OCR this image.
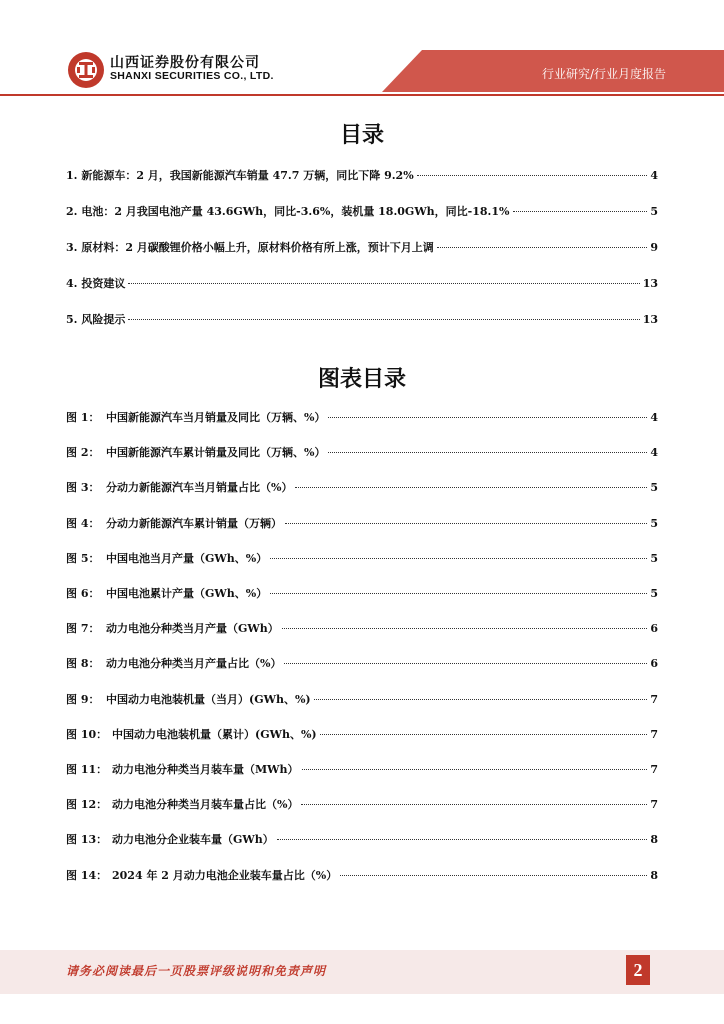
山西证券股份有限公司
SHANXI SECURITIES CO., LTD.	行业研究/行业月度报告
目录
1. 新能源车：2 月，我国新能源汽车销量 47.7 万辆，同比下降 9.2%	4
2. 电池：2 月我国电池产量 43.6GWh，同比-3.6%，装机量 18.0GWh，同比-18.1%	5
3. 原材料：2 月碳酸锂价格小幅上升，原材料价格有所上涨，预计下月上调	9
4. 投资建议	13
5. 风险提示	13
图表目录
图 1： 中国新能源汽车当月销量及同比（万辆、%）	4
图 2： 中国新能源汽车累计销量及同比（万辆、%）	4
图 3： 分动力新能源汽车当月销量占比（%）	5
图 4： 分动力新能源汽车累计销量（万辆）	5
图 5： 中国电池当月产量（GWh、%）	5
图 6： 中国电池累计产量（GWh、%）	5
图 7： 动力电池分种类当月产量（GWh）	6
图 8： 动力电池分种类当月产量占比（%）	6
图 9： 中国动力电池装机量（当月）(GWh、%)	7
图 10： 中国动力电池装机量（累计）(GWh、%)	7
图 11： 动力电池分种类当月装车量（MWh）	7
图 12： 动力电池分种类当月装车量占比（%）	7
图 13： 动力电池分企业装车量（GWh）	8
图 14： 2024 年 2 月动力电池企业装车量占比（%）	8
请务必阅读最后一页股票评级说明和免责声明	2
